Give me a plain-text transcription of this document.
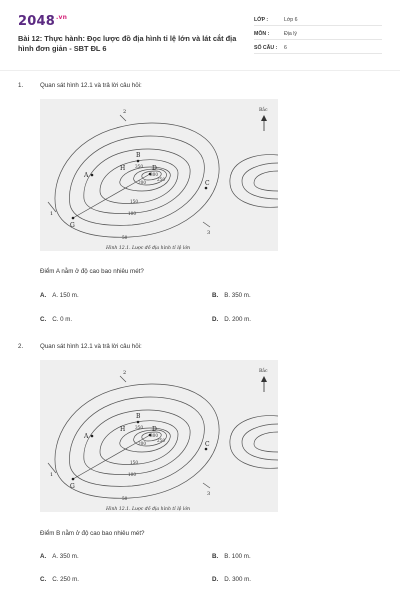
$2048^{.vn}$
Bài 12: Thực hành: Đọc lược đồ địa hình tỉ lệ lớn và lát cắt địa hình đơn giản - SBT ĐL 6
LỚP :	Lớp 6
MÔN :	Địa lý
SỐ CÂU : 6
1.	Quan sát hình 12.1 và trả lời câu hỏi:
Bắc
A
B
C
D
G
H
1
2
3
350
300
250
200
150
100
50
Hình 12.1. Lược đồ địa hình tỉ lệ lớn
Điểm A nằm ở độ cao bao nhiêu mét?
A. A. 150 m.	B. B. 350 m.
C. C. 0 m.	D. D. 200 m.
2.	Quan sát hình 12.1 và trả lời câu hỏi:
Bắc
A
B
C
D
G
H
1
2
3
350
300
250
200
150
100
50
Hình 12.1. Lược đồ địa hình tỉ lệ lớn
Điểm B nằm ở độ cao bao nhiêu mét?
A. A. 350 m.	B. B. 100 m.
C. C. 250 m.	D. D. 300 m.
